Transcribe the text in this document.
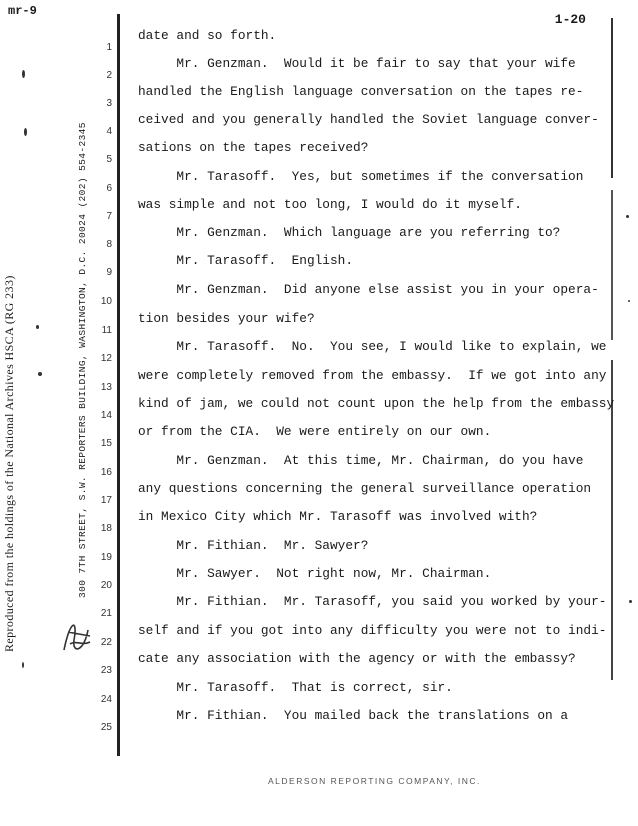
mr-9
1-20
Reproduced from the holdings of the National Archives HSCA (RG 233)	300 7TH STREET, S.W. REPORTERS BUILDING, WASHINGTON, D.C. 20024 (202) 554-2345
1
2
3
4
5
6
7
8
9
10
11
12
13
14
15
16
17
18
19
20
21
22
23
24
25
date and so forth.
Mr. Genzman.  Would it be fair to say that your wife
handled the English language conversation on the tapes re-
ceived and you generally handled the Soviet language conver-
sations on the tapes received?
Mr. Tarasoff.  Yes, but sometimes if the conversation
was simple and not too long, I would do it myself.
Mr. Genzman.  Which language are you referring to?
Mr. Tarasoff.  English.
Mr. Genzman.  Did anyone else assist you in your opera-
tion besides your wife?
Mr. Tarasoff.  No.  You see, I would like to explain, we
were completely removed from the embassy.  If we got into any
kind of jam, we could not count upon the help from the embassy
or from the CIA.  We were entirely on our own.
Mr. Genzman.  At this time, Mr. Chairman, do you have
any questions concerning the general surveillance operation
in Mexico City which Mr. Tarasoff was involved with?
Mr. Fithian.  Mr. Sawyer?
Mr. Sawyer.  Not right now, Mr. Chairman.
Mr. Fithian.  Mr. Tarasoff, you said you worked by your-
self and if you got into any difficulty you were not to indi-
cate any association with the agency or with the embassy?
Mr. Tarasoff.  That is correct, sir.
Mr. Fithian.  You mailed back the translations on a
ALDERSON REPORTING COMPANY, INC.
